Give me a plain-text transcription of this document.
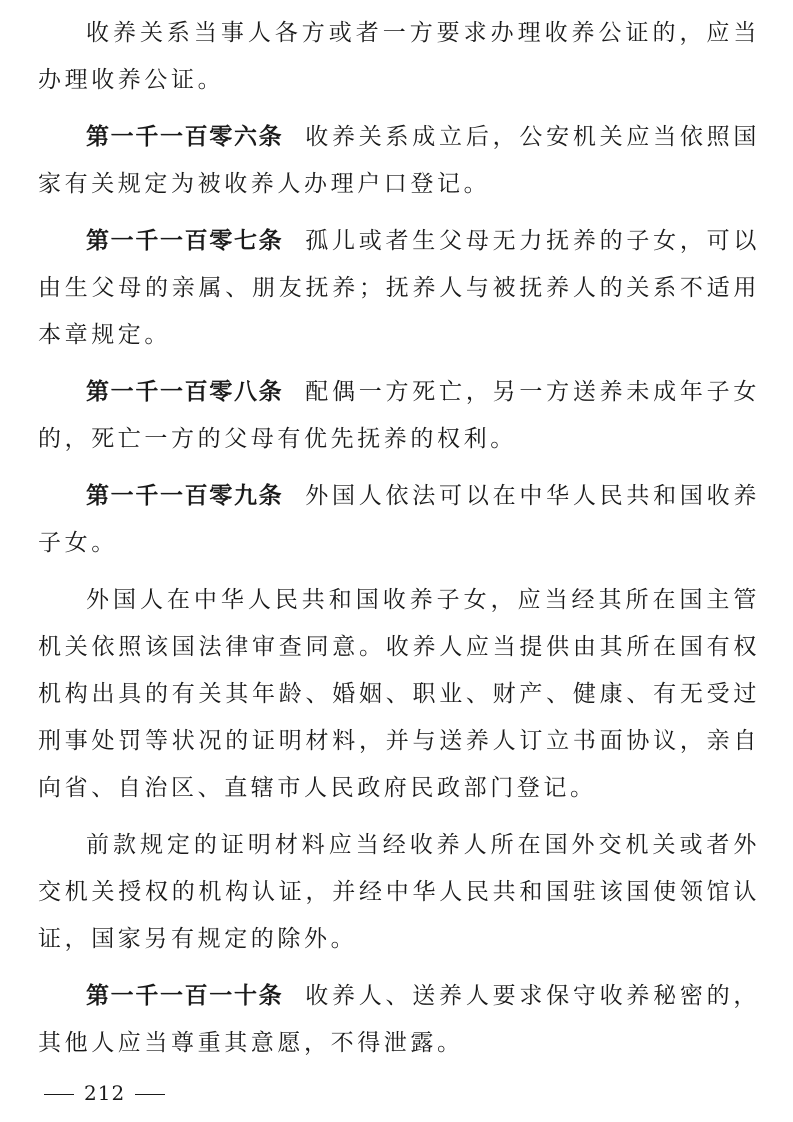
收养关系当事人各方或者一方要求办理收养公证的，应当办理收养公证。

第一千一百零六条 收养关系成立后，公安机关应当依照国家有关规定为被收养人办理户口登记。

第一千一百零七条 孤儿或者生父母无力抚养的子女，可以由生父母的亲属、朋友抚养；抚养人与被抚养人的关系不适用本章规定。

第一千一百零八条 配偶一方死亡，另一方送养未成年子女的，死亡一方的父母有优先抚养的权利。

第一千一百零九条 外国人依法可以在中华人民共和国收养子女。

外国人在中华人民共和国收养子女，应当经其所在国主管机关依照该国法律审查同意。收养人应当提供由其所在国有权机构出具的有关其年龄、婚姻、职业、财产、健康、有无受过刑事处罚等状况的证明材料，并与送养人订立书面协议，亲自向省、自治区、直辖市人民政府民政部门登记。

前款规定的证明材料应当经收养人所在国外交机关或者外交机关授权的机构认证，并经中华人民共和国驻该国使领馆认证，国家另有规定的除外。

第一千一百一十条 收养人、送养人要求保守收养秘密的，其他人应当尊重其意愿，不得泄露。

212
